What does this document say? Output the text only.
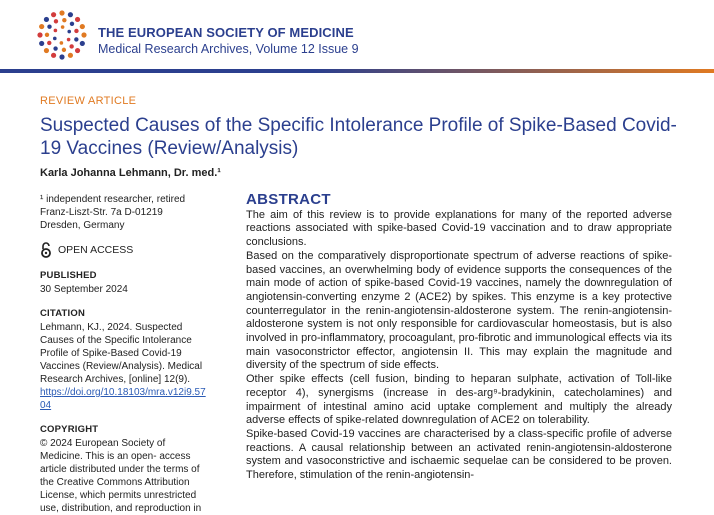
THE EUROPEAN SOCIETY OF MEDICINE
Medical Research Archives, Volume 12 Issue 9
REVIEW ARTICLE
Suspected Causes of the Specific Intolerance Profile of Spike-Based Covid-19 Vaccines (Review/Analysis)
Karla Johanna Lehmann, Dr. med.¹
¹ independent researcher, retired
Franz-Liszt-Str. 7a D-01219
Dresden, Germany
OPEN ACCESS
PUBLISHED
30 September 2024
CITATION
Lehmann, KJ., 2024. Suspected Causes of the Specific Intolerance Profile of Spike-Based Covid-19 Vaccines (Review/Analysis). Medical Research Archives, [online] 12(9).
https://doi.org/10.18103/mra.v12i9.5704
COPYRIGHT
© 2024 European Society of Medicine. This is an open- access article distributed under the terms of the Creative Commons Attribution License, which permits unrestricted use, distribution, and reproduction in
ABSTRACT

The aim of this review is to provide explanations for many of the reported adverse reactions associated with spike-based Covid-19 vaccination and to draw appropriate conclusions.

Based on the comparatively disproportionate spectrum of adverse reactions of spike-based vaccines, an overwhelming body of evidence supports the consequences of the main mode of action of spike-based Covid-19 vaccines, namely the downregulation of angiotensin-converting enzyme 2 (ACE2) by spikes. This enzyme is a key protective counterregulator in the renin-angiotensin-aldosterone system. The renin-angiotensin-aldosterone system is not only responsible for cardiovascular homeostasis, but is also involved in pro-inflammatory, procoagulant, pro-fibrotic and immunological effects via its main vasoconstrictor effector, angiotensin II. This may explain the magnitude and diversity of the spectrum of side effects.

Other spike effects (cell fusion, binding to heparan sulphate, activation of Toll-like receptor 4), synergisms (increase in des-arg⁹-bradykinin, catecholamines) and impairment of intestinal amino acid uptake complement and multiply the already adverse effects of spike-related downregulation of ACE2 on tolerability.

Spike-based Covid-19 vaccines are characterised by a class-specific profile of adverse reactions. A causal relationship between an activated renin-angiotensin-aldosterone system and vasoconstrictive and ischaemic sequelae can be considered to be proven. Therefore, stimulation of the renin-angiotensin-
